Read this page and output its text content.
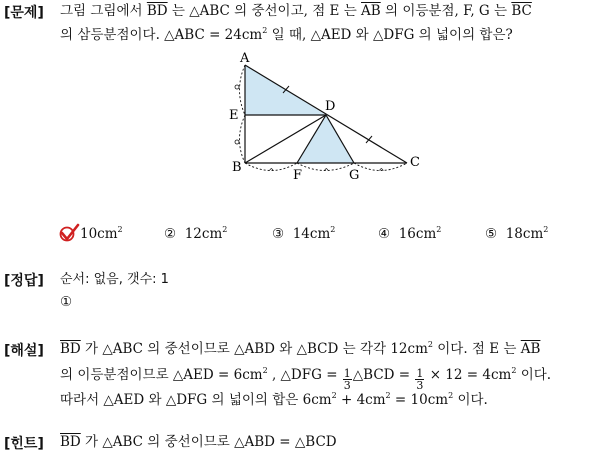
[문제] 그림 그림에서 $\overline{BD}$ 는 △ABC 의 중선이고, 점 E 는 $\overline{AB}$ 의 이등분점, F, G 는 $\overline{BC}$
의 삼등분점이다. △ABC = $24cm^2$ 일 때, △AED 와 △DFG 의 넓이의 합은?
^	^	^
A
E
B
D
F	G
C
$10cm^2$	② $12cm^2$	③ $14cm^2$	④ $16cm^2$	⑤ $18cm^2$
[정답] 순서: 없음, 갯수: 1
①
[해설] $\overline{BD}$ 가 △ABC 의 중선이므로 △ABD 와 △BCD 는 각각 $12cm^2$ 이다. 점 E 는 $\overline{AB}$
의 이등분점이므로 △AED = $6cm^2$ , △DFG = $\frac{1}{3}$ △BCD = $\frac{1}{3} \times 12 = 4cm^2$ 이다.
따라서 △AED 와 △DFG 의 넓이의 합은 $6cm^2 + 4cm^2 = 10cm^2$ 이다.
[힌트] $\overline{BD}$ 가 △ABC 의 중선이므로 △ABD = △BCD
